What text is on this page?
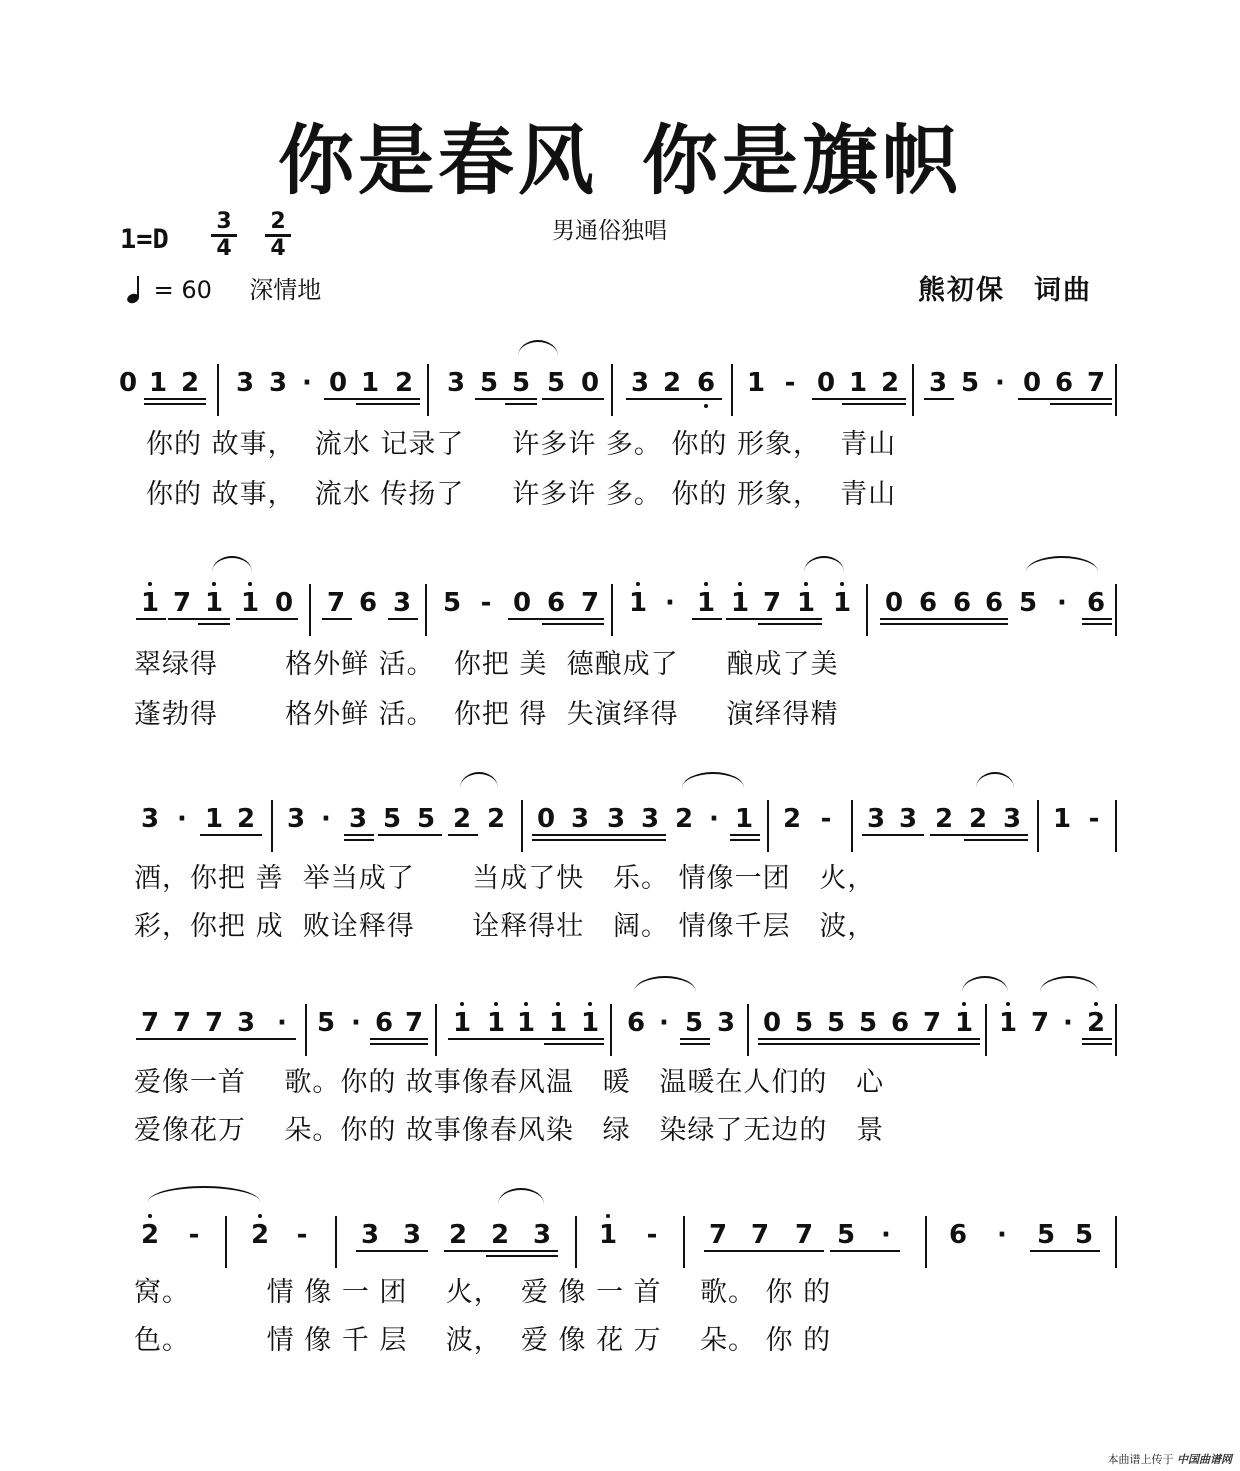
你是春风 你是旗帜
1=D
3
4
2
4
= 60 深情地
男通俗独唱
熊初保　词曲
0 1 2 3 3 · 0 1 2 3 5 5 5 0 3 2 6 1 - 0 1 2 3 5 · 0 6 7
你的 故事，  流水 记录了     许多许 多。 你的 形象，  青山
你的 故事，  流水 传扬了     许多许 多。 你的 形象，  青山
1 7 1 1 0 7 6 3 5 - 0 6 7 1 · 1 1 7 1 1 0 6 6 6 5 · 6
翠绿得       格外鲜 活。  你把 美  德酿成了     酿成了美
蓬勃得       格外鲜 活。  你把 得  失演绎得     演绎得精
3 · 1 2 3 · 3 5 5 2 2 0 3 3 3 2 · 1 2 -	3 3 2 2 3 1 -
酒，你把 善  举当成了      当成了快   乐。 情像一团   火，
彩，你把 成  败诠释得      诠释得壮   阔。 情像千层   波，
7 7 7 3 ·	5 · 6 7 1 1 1 1 1 6 · 5 3 0 5 5 5 6 7 1 1 7 · 2
爱像一首    歌。你的 故事像春风温   暖   温暖在人们的   心
爱像花万    朵。你的 故事像春风染   绿   染绿了无边的   景
2	-	2	-	3 3 2 2 3 1	-	7 7 7 5	·	6	·	5 5
窝。        情 像 一 团    火，  爱 像 一 首    歌。 你 的
色。        情 像 千 层    波，  爱 像 花 万    朵。 你 的
本曲谱上传于 中国曲谱网
